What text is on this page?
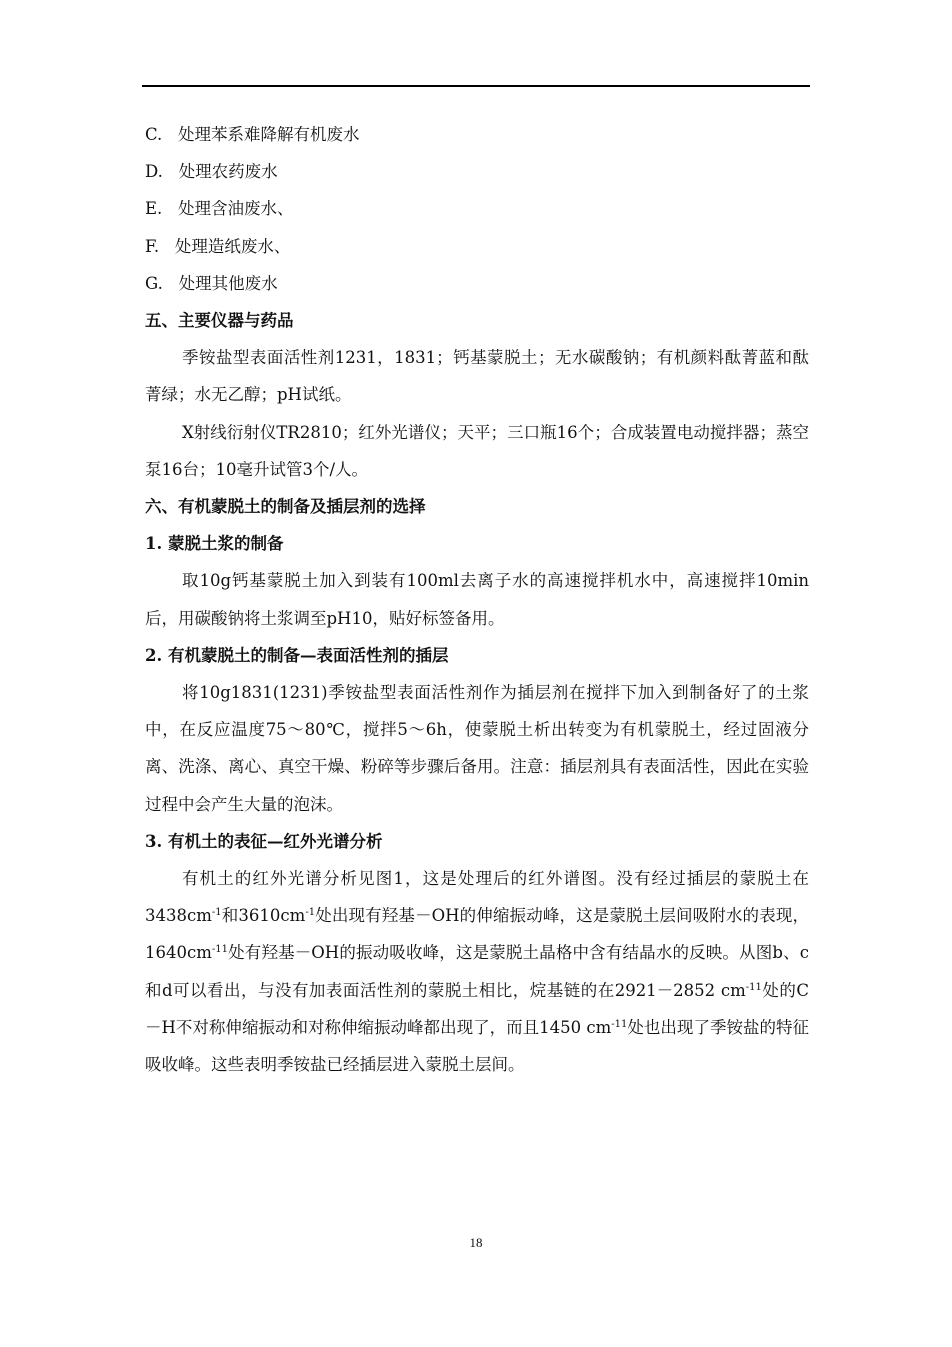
C. 处理苯系难降解有机废水
D. 处理农药废水
E. 处理含油废水、
F. 处理造纸废水、
G. 处理其他废水
五、主要仪器与药品
季铵盐型表面活性剂1231，1831；钙基蒙脱土；无水碳酸钠；有机颜料酞菁蓝和酞菁绿；水无乙醇；pH试纸。
X射线衍射仪TR2810；红外光谱仪；天平；三口瓶16个；合成装置电动搅拌器；蒸空泵16台；10毫升试管3个/人。
六、有机蒙脱土的制备及插层剂的选择
1. 蒙脱土浆的制备
取10g钙基蒙脱土加入到装有100ml去离子水的高速搅拌机水中，高速搅拌10min后，用碳酸钠将土浆调至pH10，贴好标签备用。
2. 有机蒙脱土的制备—表面活性剂的插层
将10g1831(1231)季铵盐型表面活性剂作为插层剂在搅拌下加入到制备好了的土浆中，在反应温度75～80℃，搅拌5～6h，使蒙脱土析出转变为有机蒙脱土，经过固液分离、洗涤、离心、真空干燥、粉碎等步骤后备用。注意：插层剂具有表面活性，因此在实验过程中会产生大量的泡沫。
3. 有机土的表征—红外光谱分析
有机土的红外光谱分析见图1，这是处理后的红外谱图。没有经过插层的蒙脱土在$3438cm^{-1}$和$3610cm^{-1}$处出现有羟基－OH的伸缩振动峰，这是蒙脱土层间吸附水的表现，$1640cm^{-11}$处有羟基－OH的振动吸收峰，这是蒙脱土晶格中含有结晶水的反映。从图b、c和d可以看出，与没有加表面活性剂的蒙脱土相比，烷基链的在2921－2852 $cm^{-11}$处的C－H不对称伸缩振动和对称伸缩振动峰都出现了，而且1450 $cm^{-11}$处也出现了季铵盐的特征吸收峰。这些表明季铵盐已经插层进入蒙脱土层间。
18
